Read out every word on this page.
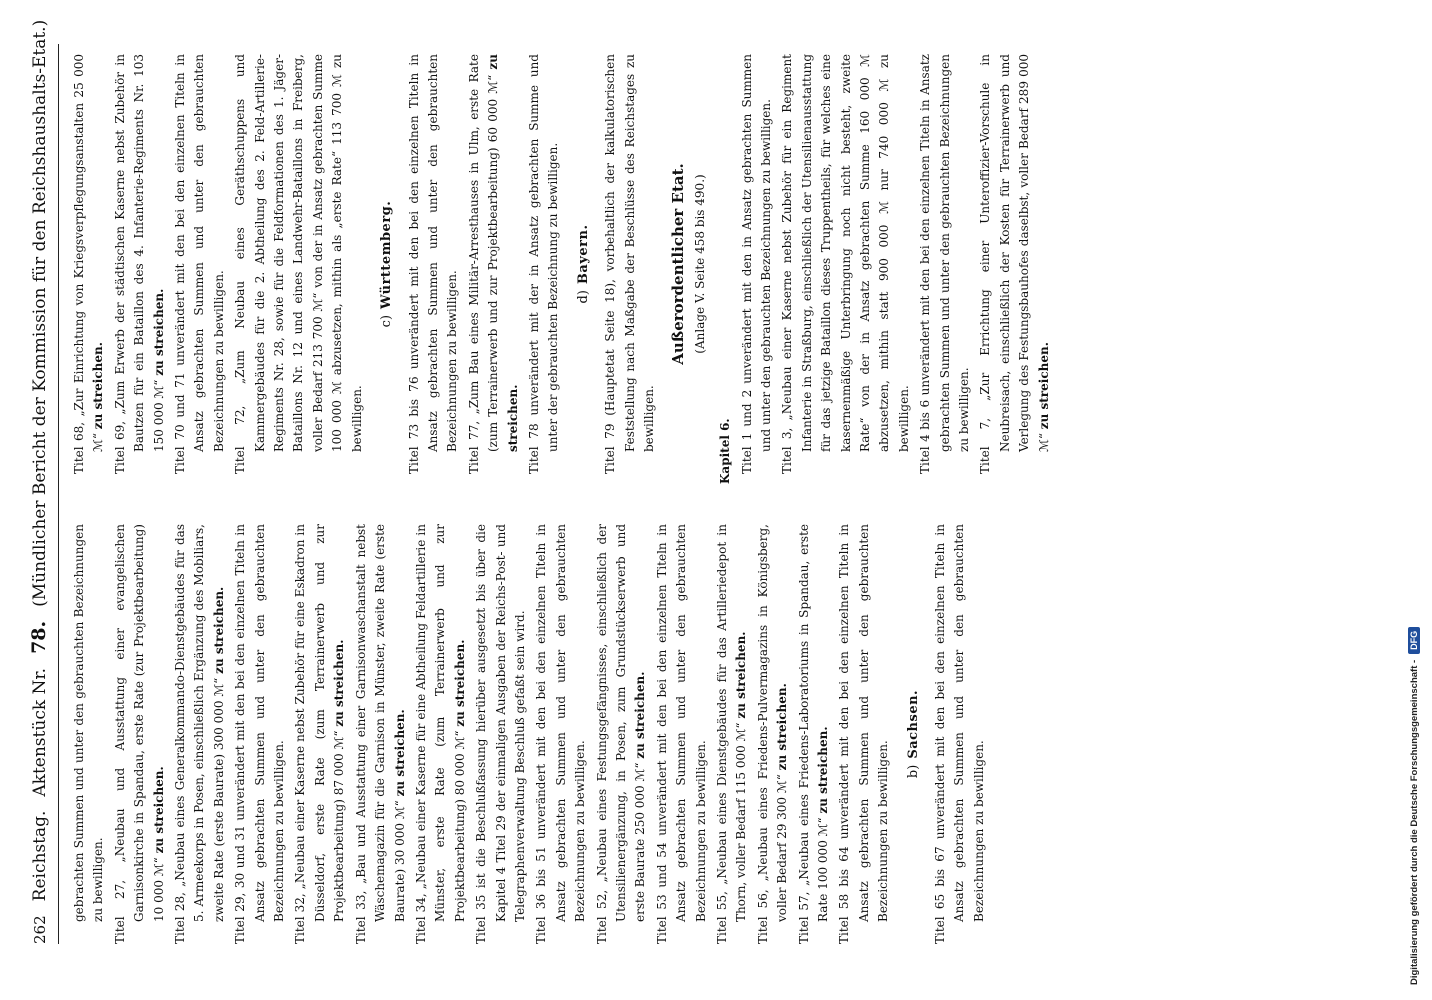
262
Reichstag.
Aktenstück Nr.
78.
(Mündlicher Bericht der Kommission für den Reichshaushalts-Etat.)

gebrachten Summen und unter den gebrauchten Bezeichnungen zu bewilligen. Titel 27, „Neubau und Ausstattung einer evangelischen Garnisonkirche in Spandau, erste Rate (zur Projektbearbeitung) 10 000 ℳ“ zu streichen.

Titel 28, „Neubau eines Generalkommando-Dienstgebäudes für das 5. Armeekorps in Posen, einschließlich Ergänzung des Mobiliars, zweite Rate (erste Baurate) 300 000 ℳ“ zu streichen.

Titel 29, 30 und 31 unverändert mit den bei den einzelnen Titeln in Ansatz gebrachten Summen und unter den gebrauchten Bezeichnungen zu bewilligen. Titel 32, „Neubau einer Kaserne nebst Zubehör für eine Eskadron in Düsseldorf, erste Rate (zum Terrainerwerb und zur Projektbearbeitung) 87 000 ℳ“ zu streichen.

Titel 33, „Bau und Ausstattung einer Garnisonwaschanstalt nebst Wäschemagazin für die Garnison in Münster, zweite Rate (erste Baurate) 30 000 ℳ“ zu streichen.

Titel 34, „Neubau einer Kaserne für eine Abtheilung Feldartillerie in Münster, erste Rate (zum Terrainerwerb und zur Projektbearbeitung) 80 000 ℳ“ zu streichen.

Titel 35 ist die Beschlußfassung hierüber ausgesetzt bis über die Kapitel 4 Titel 29 der einmaligen Ausgaben der Reichs-Post- und Telegraphenverwaltung Beschluß gefaßt sein wird. Titel 36 bis 51 unverändert mit den bei den einzelnen Titeln in Ansatz gebrachten Summen und unter den gebrauchten Bezeichnungen zu bewilligen. Titel 52, „Neubau eines Festungsgefängnisses, einschließlich der Utensilienergänzung, in Posen, zum Grundstückserwerb und erste Baurate 250 000 ℳ“ zu streichen.

Titel 53 und 54 unverändert mit den bei den einzelnen Titeln in Ansatz gebrachten Summen und unter den gebrauchten Bezeichnungen zu bewilligen. Titel 55, „Neubau eines Dienstgebäudes für das Artilleriedepot in Thorn, voller Bedarf 115 000 ℳ“ zu streichen.

Titel 56, „Neubau eines Friedens-Pulvermagazins in Königsberg, voller Bedarf 29 300 ℳ“ zu streichen.

Titel 57, „Neubau eines Friedens-Laboratoriums in Spandau, erste Rate 100 000 ℳ“ zu streichen. Titel 58 bis 64 unverändert mit den bei den einzelnen Titeln in Ansatz gebrachten Summen und unter den gebrauchten Bezeichnungen zu bewilligen. b)Sachsen.

Titel 65 bis 67 unverändert mit den bei den einzelnen Titeln in Ansatz gebrachten Summen und unter den gebrauchten Bezeichnungen zu bewilligen.

Titel 68, „Zur Einrichtung von Kriegsverpflegungsanstalten 25 000 ℳ“ zu streichen.

Titel 69, „Zum Erwerb der städtischen Kaserne nebst Zubehör in Bautzen für ein Bataillon des 4. Infanterie-Regiments Nr. 103 150 000 ℳ“ zu streichen. Titel 70 und 71 unverändert mit den bei den einzelnen Titeln in Ansatz gebrachten Summen und unter den gebrauchten Bezeichnungen zu bewilligen. Titel 72, „Zum Neubau eines Geräthschuppens und Kammergebäudes für die 2. Abtheilung des 2. Feld-Artillerie-Regiments Nr. 28, sowie für die Feldformationen des 1. Jäger-Bataillons Nr. 12 und eines Landwehr-Bataillons in Freiberg, voller Bedarf 213 700 ℳ“ von der in Ansatz gebrachten Summe 100 000 ℳ abzusetzen, mithin als „erste Rate“ 113 700 ℳ zu bewilligen.

c)Württemberg.

Titel 73 bis 76 unverändert mit den bei den einzelnen Titeln in Ansatz gebrachten Summen und unter den gebrauchten Bezeichnungen zu bewilligen. Titel 77, „Zum Bau eines Militär-Arresthauses in Ulm, erste Rate (zum Terrainerwerb und zur Projektbearbeitung) 60 000 ℳ“ zu streichen. Titel 78 unverändert mit der in Ansatz gebrachten Summe und unter der gebrauchten Bezeichnung zu bewilligen. d)Bayern.

Titel 79 (Hauptetat Seite 18), vorbehaltlich der kalkulatorischen Feststellung nach Maßgabe der Beschlüsse des Reichstages zu bewilligen.

Außerordentlicher Etat. (Anlage V. Seite 458 bis 490.)
Kapitel 6. Titel 1 und 2 unverändert mit den in Ansatz gebrachten Summen und unter den gebrauchten Bezeichnungen zu bewilligen. Titel 3, „Neubau einer Kaserne nebst Zubehör für ein Regiment Infanterie in Straßburg, einschließlich der Utensilienausstattung für das jetzige Bataillon dieses Truppentheils, für welches eine kasernenmäßige Unterbringung noch nicht besteht, zweite Rate“ von der in Ansatz gebrachten Summe 160 000 ℳ abzusetzen, mithin statt 900 000 ℳ nur 740 000 ℳ zu bewilligen. Titel 4 bis 6 unverändert mit den bei den einzelnen Titeln in Ansatz gebrachten Summen und unter den gebrauchten Bezeichnungen zu bewilligen. Titel 7, „Zur Errichtung einer Unteroffizier-Vorschule in Neubreisach, einschließlich der Kosten für Terrainerwerb und Verlegung des Festungsbauhofes daselbst, voller Bedarf 289 000 ℳ“ zu streichen.

Digitalisierung gefördert durch die Deutsche Forschungsgemeinschaft -
DFG
